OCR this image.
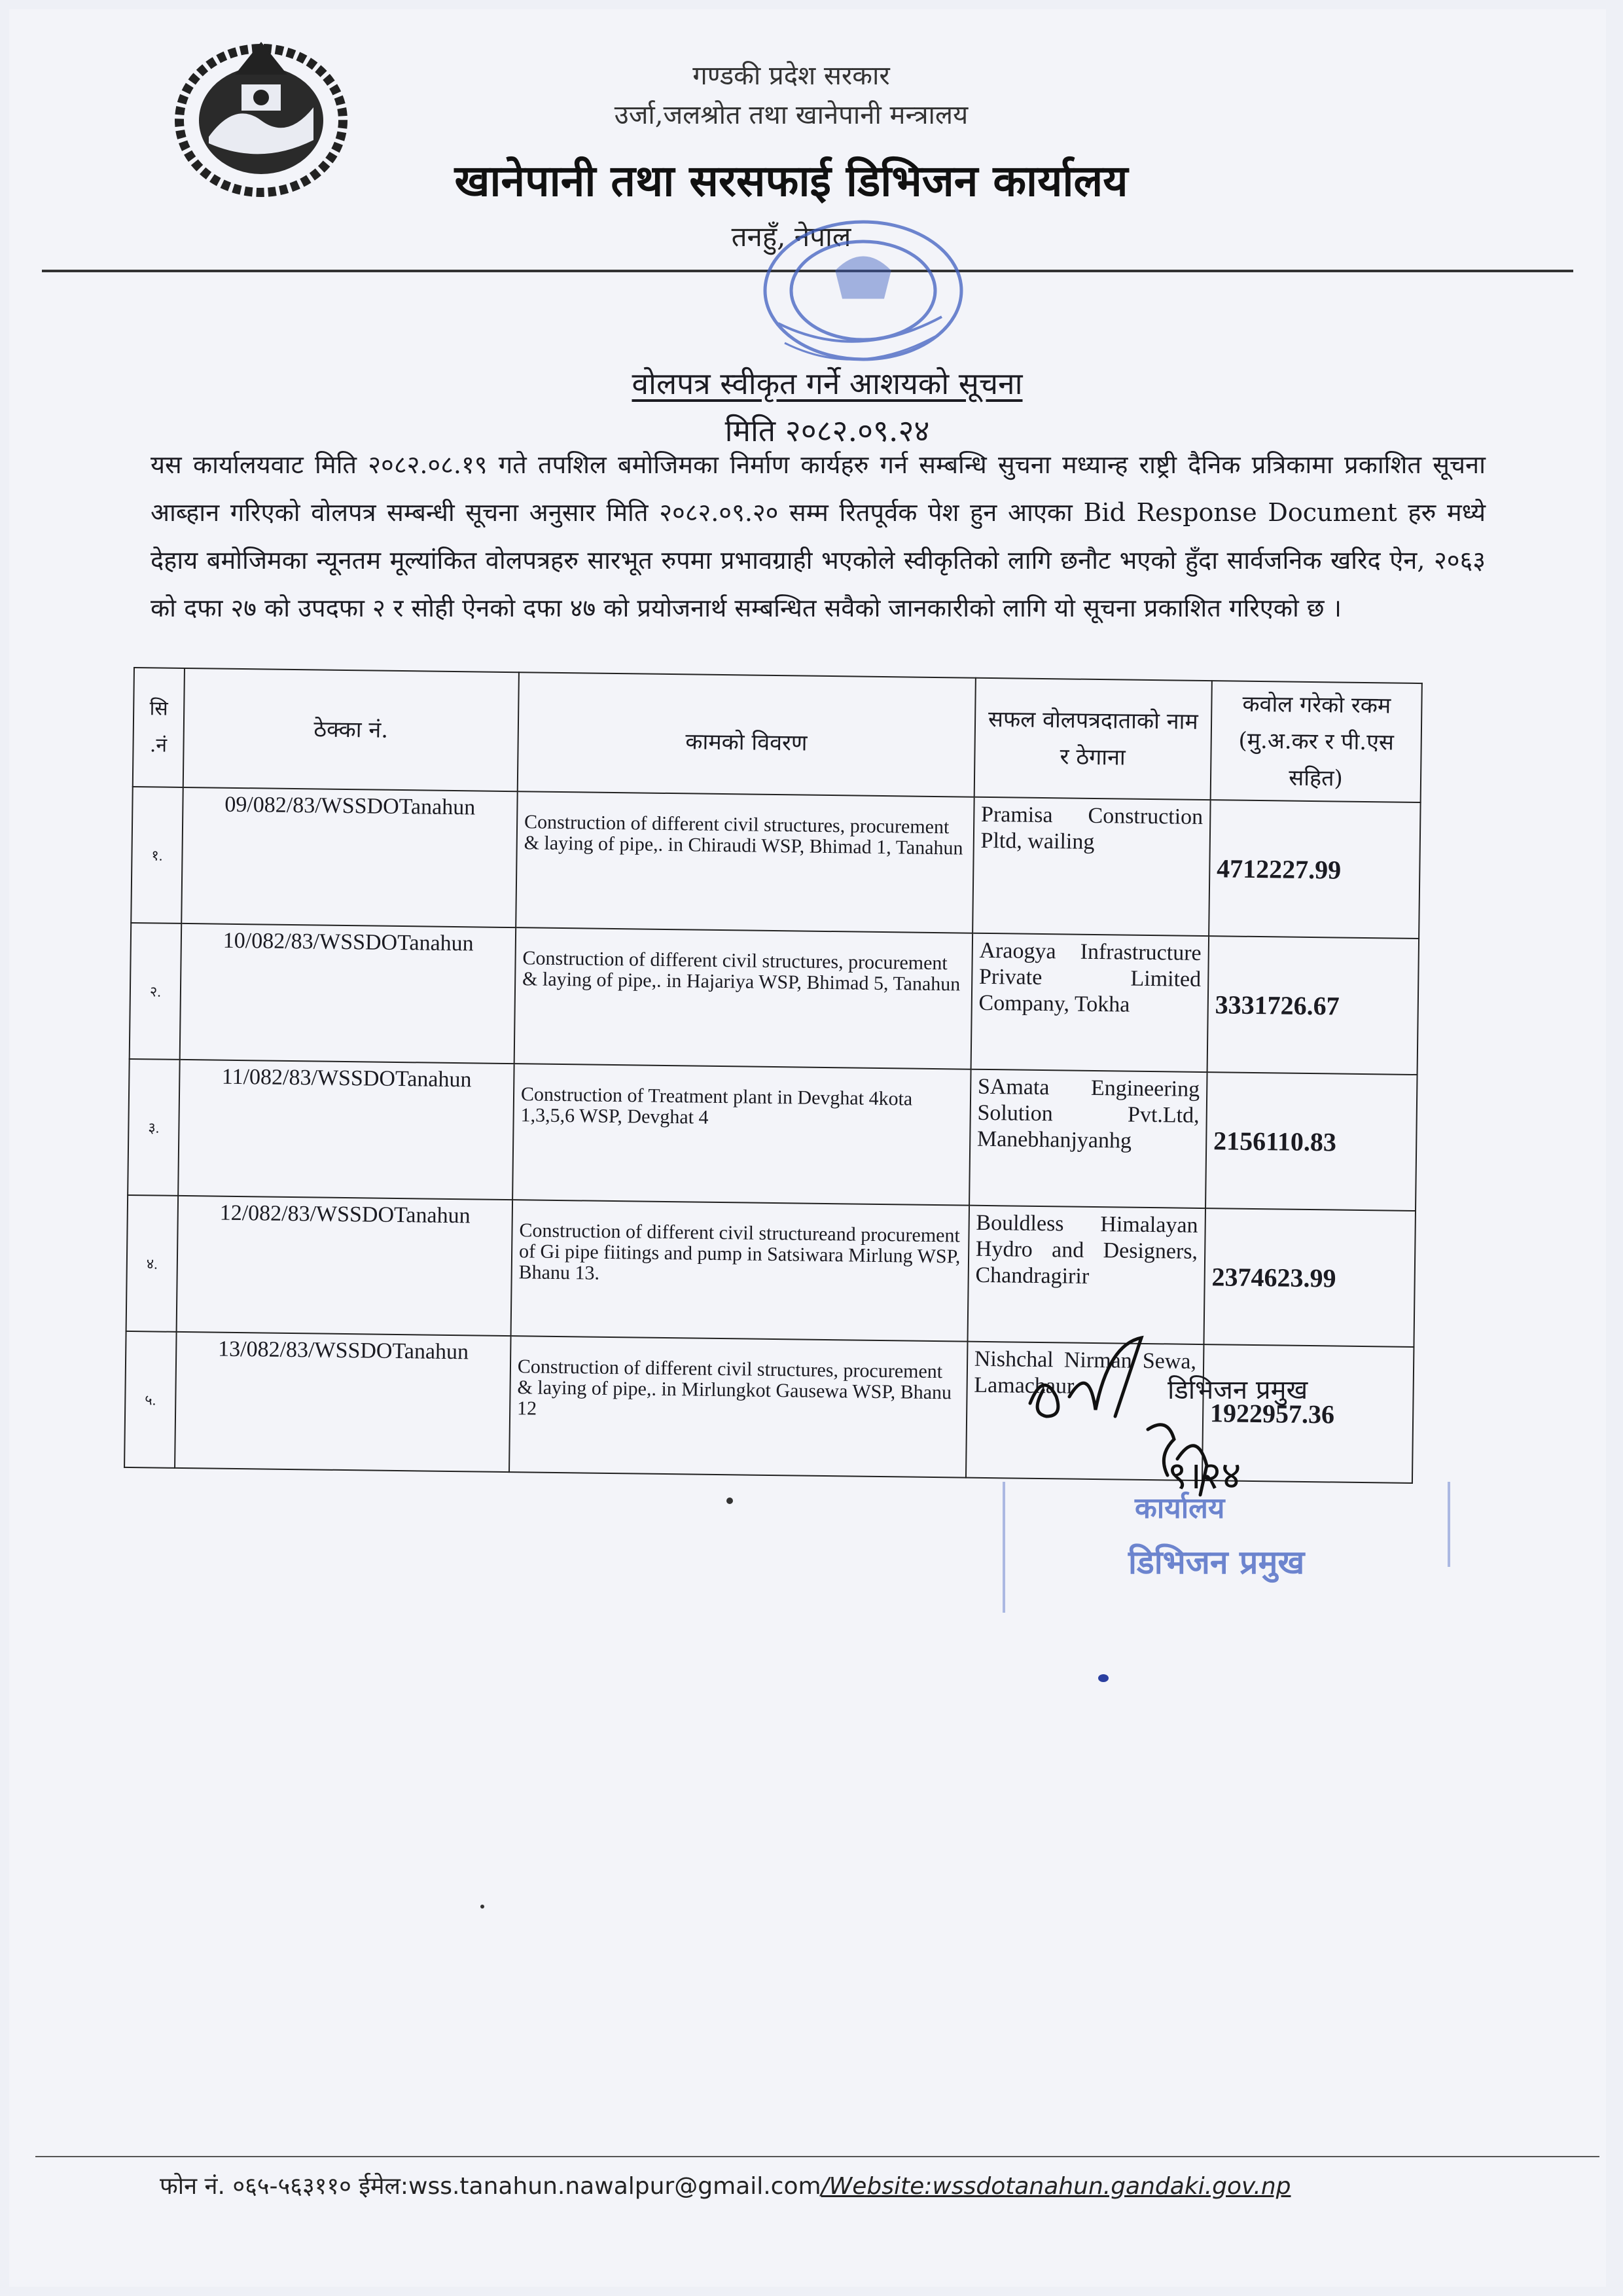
गण्डकी प्रदेश सरकार
उर्जा,जलश्रोत तथा खानेपानी मन्त्रालय
खानेपानी तथा सरसफाई डिभिजन कार्यालय
तनहुँ, नेपाल
वोलपत्र स्वीकृत गर्ने आशयको सूचना
मिति २०८२.०९.२४
यस कार्यालयवाट मिति २०८२.०८.१९ गते तपशिल बमोजिमका निर्माण कार्यहरु गर्न सम्बन्धि सुचना मध्यान्ह राष्ट्री दैनिक प्रत्रिकामा प्रकाशित सूचना आब्हान गरिएको वोलपत्र सम्बन्धी सूचना अनुसार मिति २०८२.०९.२० सम्म रितपूर्वक पेश हुन आएका Bid Response Document हरु मध्ये देहाय बमोजिमका न्यूनतम मूल्यांकित वोलपत्रहरु सारभूत रुपमा प्रभावग्राही भएकोले स्वीकृतिको लागि छनौट भएको हुँदा सार्वजनिक खरिद ऐन, २०६३ को दफा २७ को उपदफा २ र सोही ऐनको दफा ४७ को प्रयोजनार्थ सम्बन्धित सवैको जानकारीको लागि यो सूचना प्रकाशित गरिएको छ ।
सि .नं	ठेक्का नं.	कामको विवरण	सफल वोलपत्रदाताको नाम र ठेगाना	कवोल गरेको रकम (मु.अ.कर र पी.एस सहित)
१.	09/082/83/WSSDOTanahun	Construction of different civil structures, procurement & laying of pipe,. in Chiraudi WSP, Bhimad 1, Tanahun	Pramisa Construction Pltd, wailing	4712227.99
२.	10/082/83/WSSDOTanahun	Construction of different civil structures, procurement & laying of pipe,. in Hajariya WSP, Bhimad 5, Tanahun	Araogya Infrastructure Private Limited Company, Tokha	3331726.67
३.	11/082/83/WSSDOTanahun	Construction of Treatment plant in Devghat 4kota 1,3,5,6 WSP, Devghat 4	SAmata Engineering Solution Pvt.Ltd, Manebhanjyanhg	2156110.83
४.	12/082/83/WSSDOTanahun	Construction of different civil structureand procurement of Gi pipe fiitings and pump in Satsiwara Mirlung WSP, Bhanu 13.	Bouldless Himalayan Hydro and Designers, Chandragirir	2374623.99
५.	13/082/83/WSSDOTanahun	Construction of different civil structures, procurement & laying of pipe,. in Mirlungkot Gausewa WSP, Bhanu 12	Nishchal Nirman Sewa, Lamachaur	1922957.36
९।२४
डिभिजन प्रमुख
कार्यालय
डिभिजन प्रमुख
फोन नं. ०६५-५६३११० ईमेल:wss.tanahun.nawalpur@gmail.com/Website:wssdotanahun.gandaki.gov.np
